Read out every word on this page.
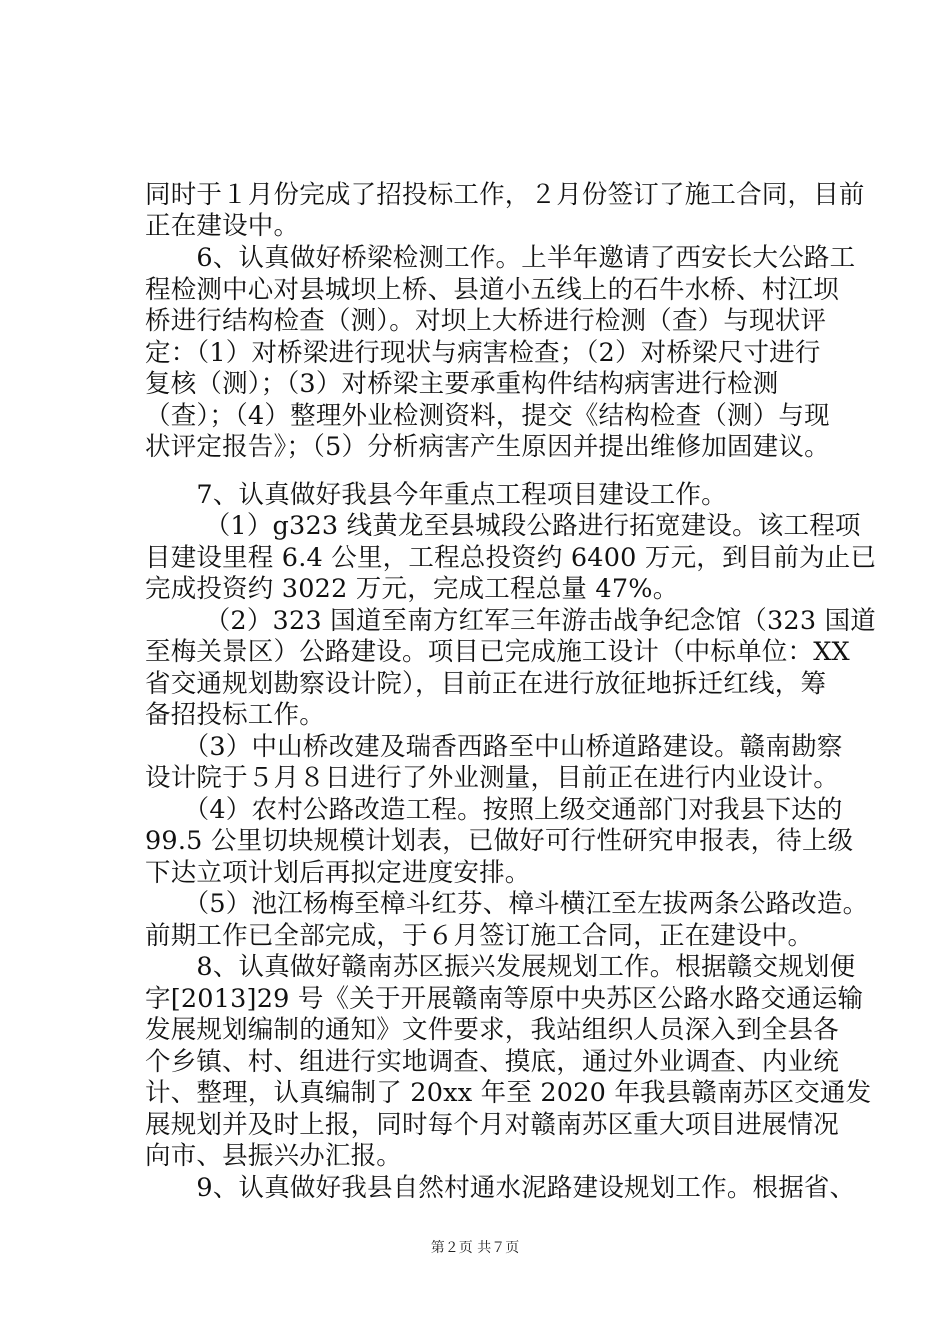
同时于１月份完成了招投标工作，２月份签订了施工合同，目前
正在建设中。
　　6、认真做好桥梁检测工作。上半年邀请了西安长大公路工
程检测中心对县城坝上桥、县道小五线上的石牛水桥、村江坝
桥进行结构检查（测）。对坝上大桥进行检测（查）与现状评
定：（1）对桥梁进行现状与病害检查；（2）对桥梁尺寸进行
复核（测）；（3）对桥梁主要承重构件结构病害进行检测
（查）；（4）整理外业检测资料，提交《结构检查（测）与现
状评定报告》；（5）分析病害产生原因并提出维修加固建议。
　　7、认真做好我县今年重点工程项目建设工作。
　　 （1）g323 线黄龙至县城段公路进行拓宽建设。该工程项
目建设里程 6.4 公里，工程总投资约 6400 万元，到目前为止已
完成投资约 3022 万元，完成工程总量 47%。
　　 （2）323 国道至南方红军三年游击战争纪念馆（323 国道
至梅关景区）公路建设。项目已完成施工设计（中标单位：XX
省交通规划勘察设计院），目前正在进行放征地拆迁红线，筹
备招投标工作。
　　（3）中山桥改建及瑞香西路至中山桥道路建设。赣南勘察
设计院于５月８日进行了外业测量，目前正在进行内业设计。
　　（4）农村公路改造工程。按照上级交通部门对我县下达的
99.5 公里切块规模计划表，已做好可行性研究申报表，待上级
下达立项计划后再拟定进度安排。
　　（5）池江杨梅至樟斗红芬、樟斗横江至左拔两条公路改造。
前期工作已全部完成，于６月签订施工合同，正在建设中。
　　8、认真做好赣南苏区振兴发展规划工作。根据赣交规划便
字[2013]29 号《关于开展赣南等原中央苏区公路水路交通运输
发展规划编制的通知》文件要求，我站组织人员深入到全县各
个乡镇、村、组进行实地调查、摸底，通过外业调查、内业统
计、整理，认真编制了 20xx 年至 2020 年我县赣南苏区交通发
展规划并及时上报，同时每个月对赣南苏区重大项目进展情况
向市、县振兴办汇报。
　　9、认真做好我县自然村通水泥路建设规划工作。根据省、
第２页 共７页
